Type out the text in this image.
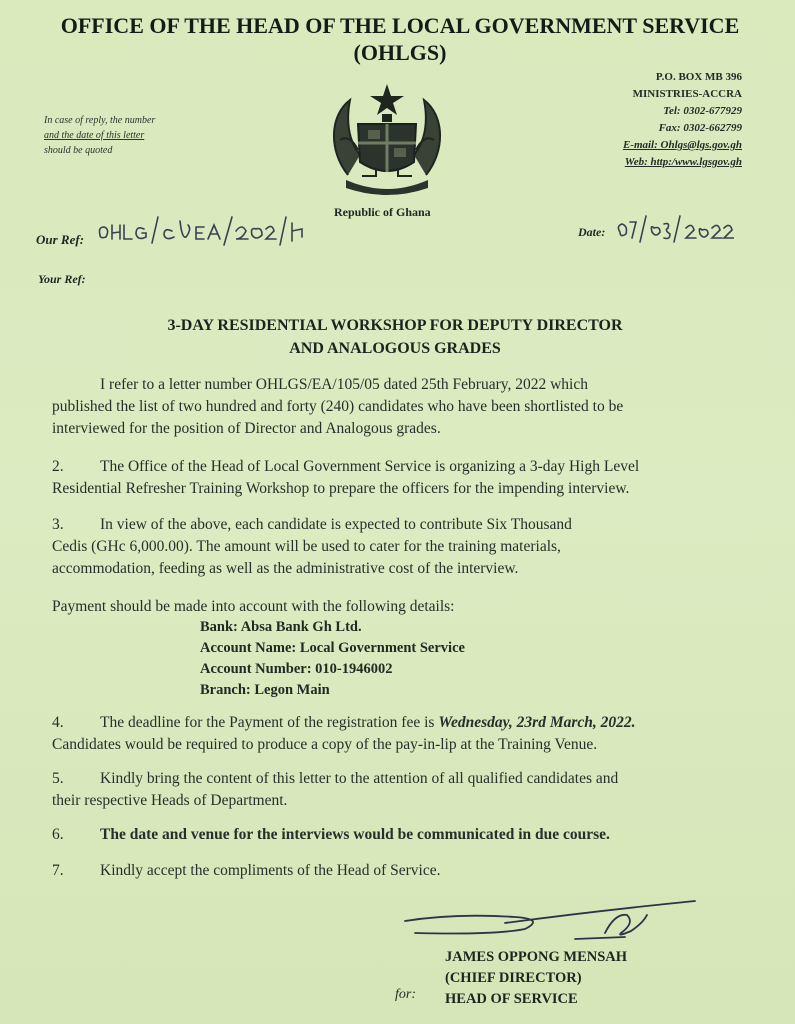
OFFICE OF THE HEAD OF THE LOCAL GOVERNMENT SERVICE
(OHLGS)
In case of reply, the number
and the date of this letter
should be quoted
P.O. BOX MB 396
MINISTRIES-ACCRA
Tel: 0302-677929
Fax: 0302-662799
E-mail: Ohlgs@lgs.gov.gh
Web: http:/www.lgsgov.gh
Republic of Ghana
Our Ref:	Date:
Your Ref:
3-DAY RESIDENTIAL WORKSHOP FOR DEPUTY DIRECTOR
AND ANALOGOUS GRADES
I refer to a letter number OHLGS/EA/105/05 dated 25th February, 2022 which
published the list of two hundred and forty (240) candidates who have been shortlisted to be
interviewed for the position of Director and Analogous grades.
2. The Office of the Head of Local Government Service is organizing a 3-day High Level
Residential Refresher Training Workshop to prepare the officers for the impending interview.
3. In view of the above, each candidate is expected to contribute Six Thousand
Cedis (GHc 6,000.00). The amount will be used to cater for the training materials,
accommodation, feeding as well as the administrative cost of the interview.
Payment should be made into account with the following details:
Bank: Absa Bank Gh Ltd.
Account Name: Local Government Service
Account Number: 010-1946002
Branch: Legon Main
4. The deadline for the Payment of the registration fee is Wednesday, 23rd March, 2022.
Candidates would be required to produce a copy of the pay-in-lip at the Training Venue.
5. Kindly bring the content of this letter to the attention of all qualified candidates and
their respective Heads of Department.
6. The date and venue for the interviews would be communicated in due course.
7. Kindly accept the compliments of the Head of Service.
JAMES OPPONG MENSAH
(CHIEF DIRECTOR)
HEAD OF SERVICE
for:
